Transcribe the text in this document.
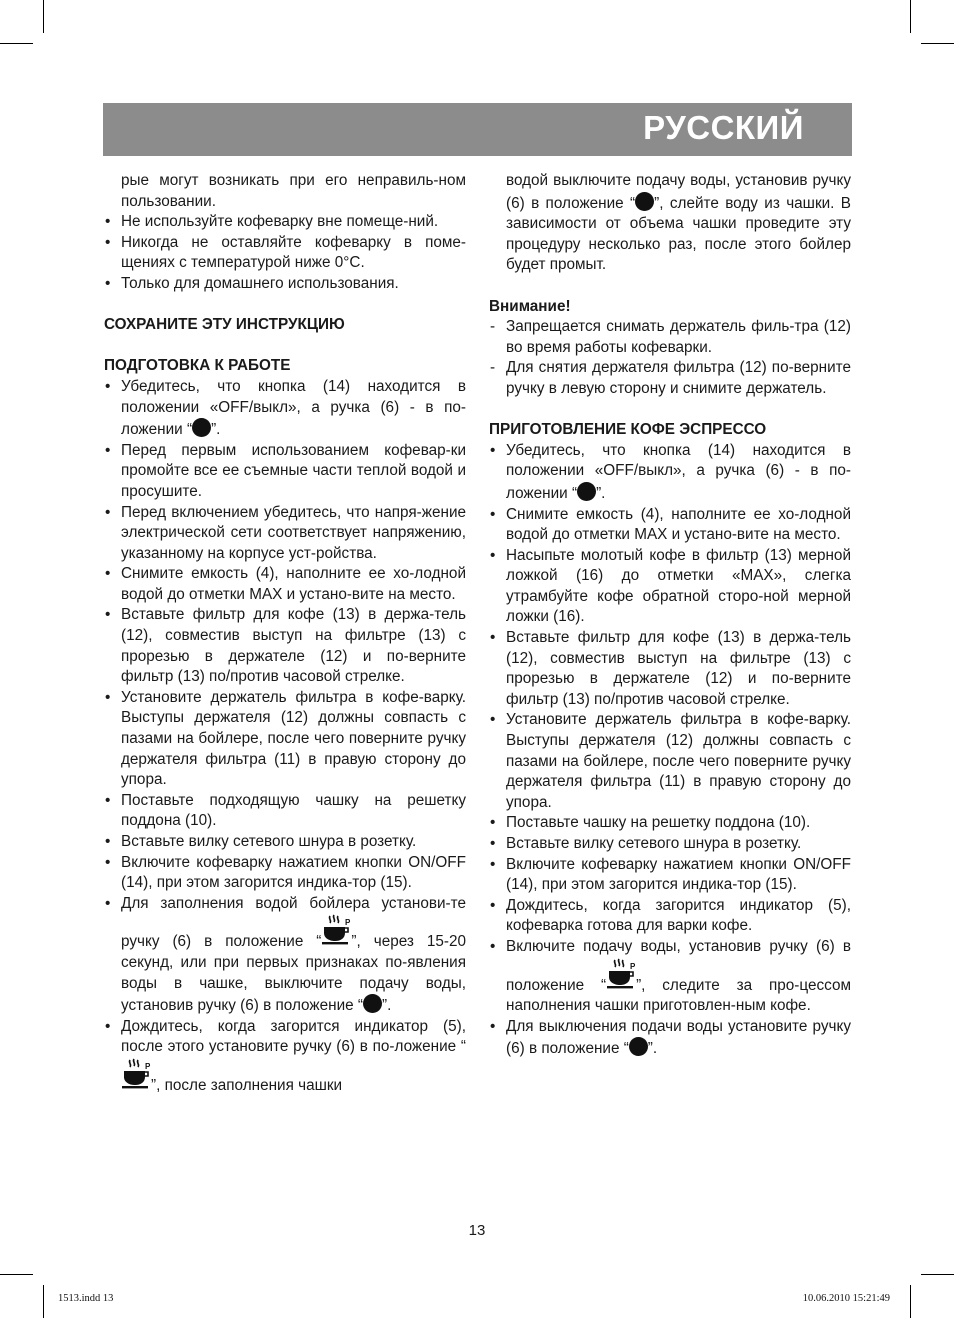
РУССКИЙ
рые могут возникать при его неправиль-ном пользовании.
• Не используйте кофеварку вне помеще-ний.
• Никогда не оставляйте кофеварку в поме-щениях с температурой ниже 0°С.
• Только для домашнего использования.
СОХРАНИТЕ ЭТУ ИНСТРУКЦИЮ
ПОДГОТОВКА К РАБОТЕ
• Убедитесь, что кнопка (14) находится в положении «OFF/выкл», а ручка (6) - в по-ложении “ ”.
• Перед первым использованием кофевар-ки промойте все ее съемные части теплой водой и просушите.
• Перед включением убедитесь, что напря-жение электрической сети соответствует напряжению, указанному на корпусе уст-ройства.
• Снимите емкость (4), наполните ее хо-лодной водой до отметки MAX и устано-вите на место.
• Вставьте фильтр для кофе (13) в держа-тель (12), совместив выступ на фильтре (13) с прорезью в держателе (12) и по-верните фильтр (13) по/против часовой стрелке.
• Установите держатель фильтра в кофе-варку. Выступы держателя (12) должны совпасть с пазами на бойлере, после чего поверните ручку держателя фильтра (11) в правую сторону до упора.
• Поставьте подходящую чашку на решетку поддона (10).
• Вставьте вилку сетевого шнура в розетку.
• Включите кофеварку нажатием кнопки ON/OFF (14), при этом загорится индика-тор (15).
• Для заполнения водой бойлера установи-те ручку (6) в положение “
P
”, через 15-20 секунд, или при первых признаках по-явления воды в чашке, выключите подачу воды, установив ручку (6) в положение “ ”.
• Дождитесь, когда загорится индикатор (5), после этого установите ручку (6) в по-ложение “
P
”, после заполнения чашки
водой выключите подачу воды, установив ручку (6) в положение “ ”, слейте воду из чашки. В зависимости от объема чашки проведите эту процедуру несколько раз, после этого бойлер будет промыт.
Внимание!
- Запрещается снимать держатель филь-тра (12) во время работы кофеварки.
- Для снятия держателя фильтра (12) по-верните ручку в левую сторону и снимите держатель.
ПРИГОТОВЛЕНИЕ КОФЕ ЭСПРЕССО
• Убедитесь, что кнопка (14) находится в положении «OFF/выкл», а ручка (6) - в по-ложении “ ”.
• Снимите емкость (4), наполните ее хо-лодной водой до отметки MAX и устано-вите на место.
• Насыпьте молотый кофе в фильтр (13) мерной ложкой (16) до отметки «MAX», слегка утрамбуйте кофе обратной сторо-ной мерной ложки (16).
• Вставьте фильтр для кофе (13) в держа-тель (12), совместив выступ на фильтре (13) с прорезью в держателе (12) и по-верните фильтр (13) по/против часовой стрелке.
• Установите держатель фильтра в кофе-варку. Выступы держателя (12) должны совпасть с пазами на бойлере, после чего поверните ручку держателя фильтра (11) в правую сторону до упора.
• Поставьте чашку на решетку поддона (10).
• Вставьте вилку сетевого шнура в розетку.
• Включите кофеварку нажатием кнопки ON/OFF (14), при этом загорится индика-тор (15).
• Дождитесь, когда загорится индикатор (5), кофеварка готова для варки кофе.
• Включите подачу воды, установив ручку (6) в положение “
P
”, следите за про-цессом наполнения чашки приготовлен-ным кофе.
• Для выключения подачи воды установите ручку (6) в положение “ ”.
13
1513.indd 13	10.06.2010 15:21:49
